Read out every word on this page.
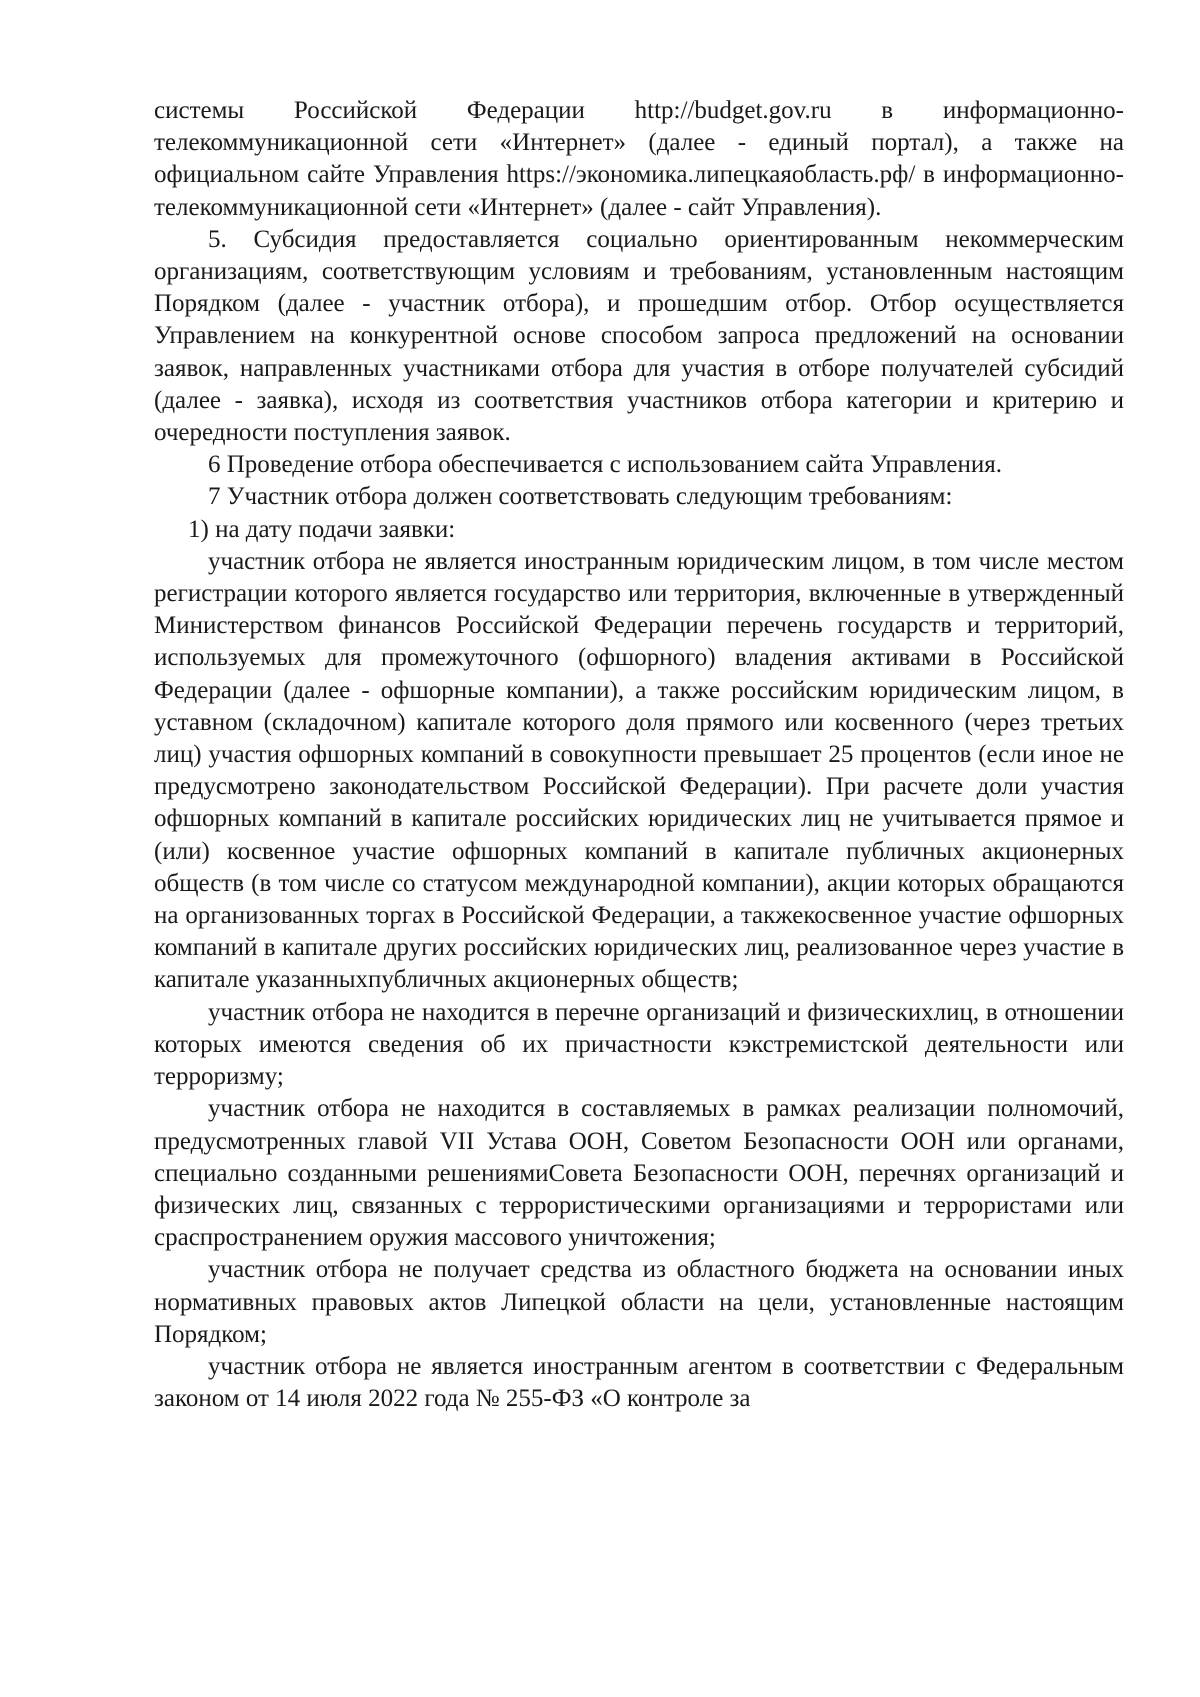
системы Российской Федерации http://budget.gov.ru в информационно-телекоммуникационной сети «Интернет» (далее - единый портал), а также на официальном сайте Управления https://экономика.липецкаяобласть.рф/ в информационно- телекоммуникационной сети «Интернет» (далее - сайт Управления).

5. Субсидия предоставляется социально ориентированным некоммерческим организациям, соответствующим условиям и требованиям, установленным настоящим Порядком (далее - участник отбора), и прошедшим отбор. Отбор осуществляется Управлением на конкурентной основе способом запроса предложений на основании заявок, направленных участниками отбора для участия в отборе получателей субсидий (далее - заявка), исходя из соответствия участников отбора категории и критерию и очередности поступления заявок.

6 Проведение отбора обеспечивается с использованием сайта Управления.

7 Участник отбора должен соответствовать следующим требованиям:

1) на дату подачи заявки:

участник отбора не является иностранным юридическим лицом, в том числе местом регистрации которого является государство или территория, включенные в утвержденный Министерством финансов Российской Федерации перечень государств и территорий, используемых для промежуточного (офшорного) владения активами в Российской Федерации (далее - офшорные компании), а также российским юридическим лицом, в уставном (складочном) капитале которого доля прямого или косвенного (через третьих лиц) участия офшорных компаний в совокупности превышает 25 процентов (если иное не предусмотрено законодательством Российской Федерации). При расчете доли участия офшорных компаний в капитале российских юридических лиц не учитывается прямое и (или) косвенное участие офшорных компаний в капитале публичных акционерных обществ (в том числе со статусом международной компании), акции которых обращаются на организованных торгах в Российской Федерации, а такжекосвенное участие офшорных компаний в капитале других российских юридических лиц, реализованное через участие в капитале указанныхпубличных акционерных обществ;

участник отбора не находится в перечне организаций и физическихлиц, в отношении которых имеются сведения об их причастности кэкстремистской деятельности или терроризму;

участник отбора не находится в составляемых в рамках реализации полномочий, предусмотренных главой VII Устава ООН, Советом Безопасности ООН или органами, специально созданными решениямиСовета Безопасности ООН, перечнях организаций и физических лиц, связанных с террористическими организациями и террористами или сраспространением оружия массового уничтожения;

участник отбора не получает средства из областного бюджета на основании иных нормативных правовых актов Липецкой области на цели, установленные настоящим Порядком;

участник отбора не является иностранным агентом в соответствии с Федеральным законом от 14 июля 2022 года № 255-ФЗ «О контроле за
